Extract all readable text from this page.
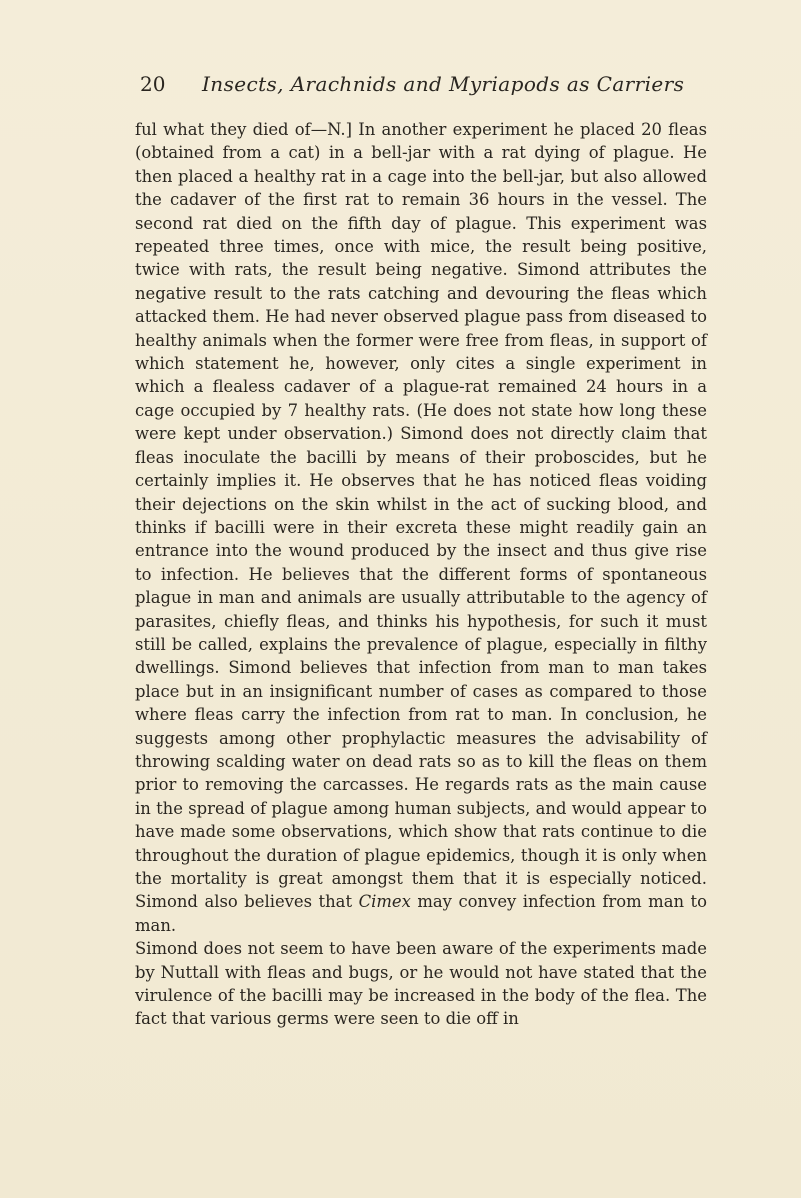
20 Insects, Arachnids and Myriapods as Carriers

ful what they died of—N.] In another experiment he placed 20 fleas (obtained from a cat) in a bell-jar with a rat dying of plague. He then placed a healthy rat in a cage into the bell-jar, but also allowed the cadaver of the first rat to remain 36 hours in the vessel. The second rat died on the fifth day of plague. This experiment was repeated three times, once with mice, the result being positive, twice with rats, the result being negative. Simond attributes the negative result to the rats catching and devouring the fleas which attacked them. He had never observed plague pass from diseased to healthy animals when the former were free from fleas, in support of which statement he, however, only cites a single experiment in which a flealess cadaver of a plague-rat remained 24 hours in a cage occupied by 7 healthy rats. (He does not state how long these were kept under observation.) Simond does not directly claim that fleas inoculate the bacilli by means of their proboscides, but he certainly implies it. He observes that he has noticed fleas voiding their dejections on the skin whilst in the act of sucking blood, and thinks if bacilli were in their excreta these might readily gain an entrance into the wound produced by the insect and thus give rise to infection. He believes that the different forms of spontaneous plague in man and animals are usually attributable to the agency of parasites, chiefly fleas, and thinks his hypothesis, for such it must still be called, explains the prevalence of plague, especially in filthy dwellings. Simond believes that infection from man to man takes place but in an insignificant number of cases as compared to those where fleas carry the infection from rat to man. In conclusion, he suggests among other prophylactic measures the advisability of throwing scalding water on dead rats so as to kill the fleas on them prior to removing the carcasses. He regards rats as the main cause in the spread of plague among human subjects, and would appear to have made some observations, which show that rats continue to die throughout the duration of plague epidemics, though it is only when the mortality is great amongst them that it is especially noticed. Simond also believes that Cimex may convey infection from man to man.

Simond does not seem to have been aware of the experiments made by Nuttall with fleas and bugs, or he would not have stated that the virulence of the bacilli may be increased in the body of the flea. The fact that various germs were seen to die off in
